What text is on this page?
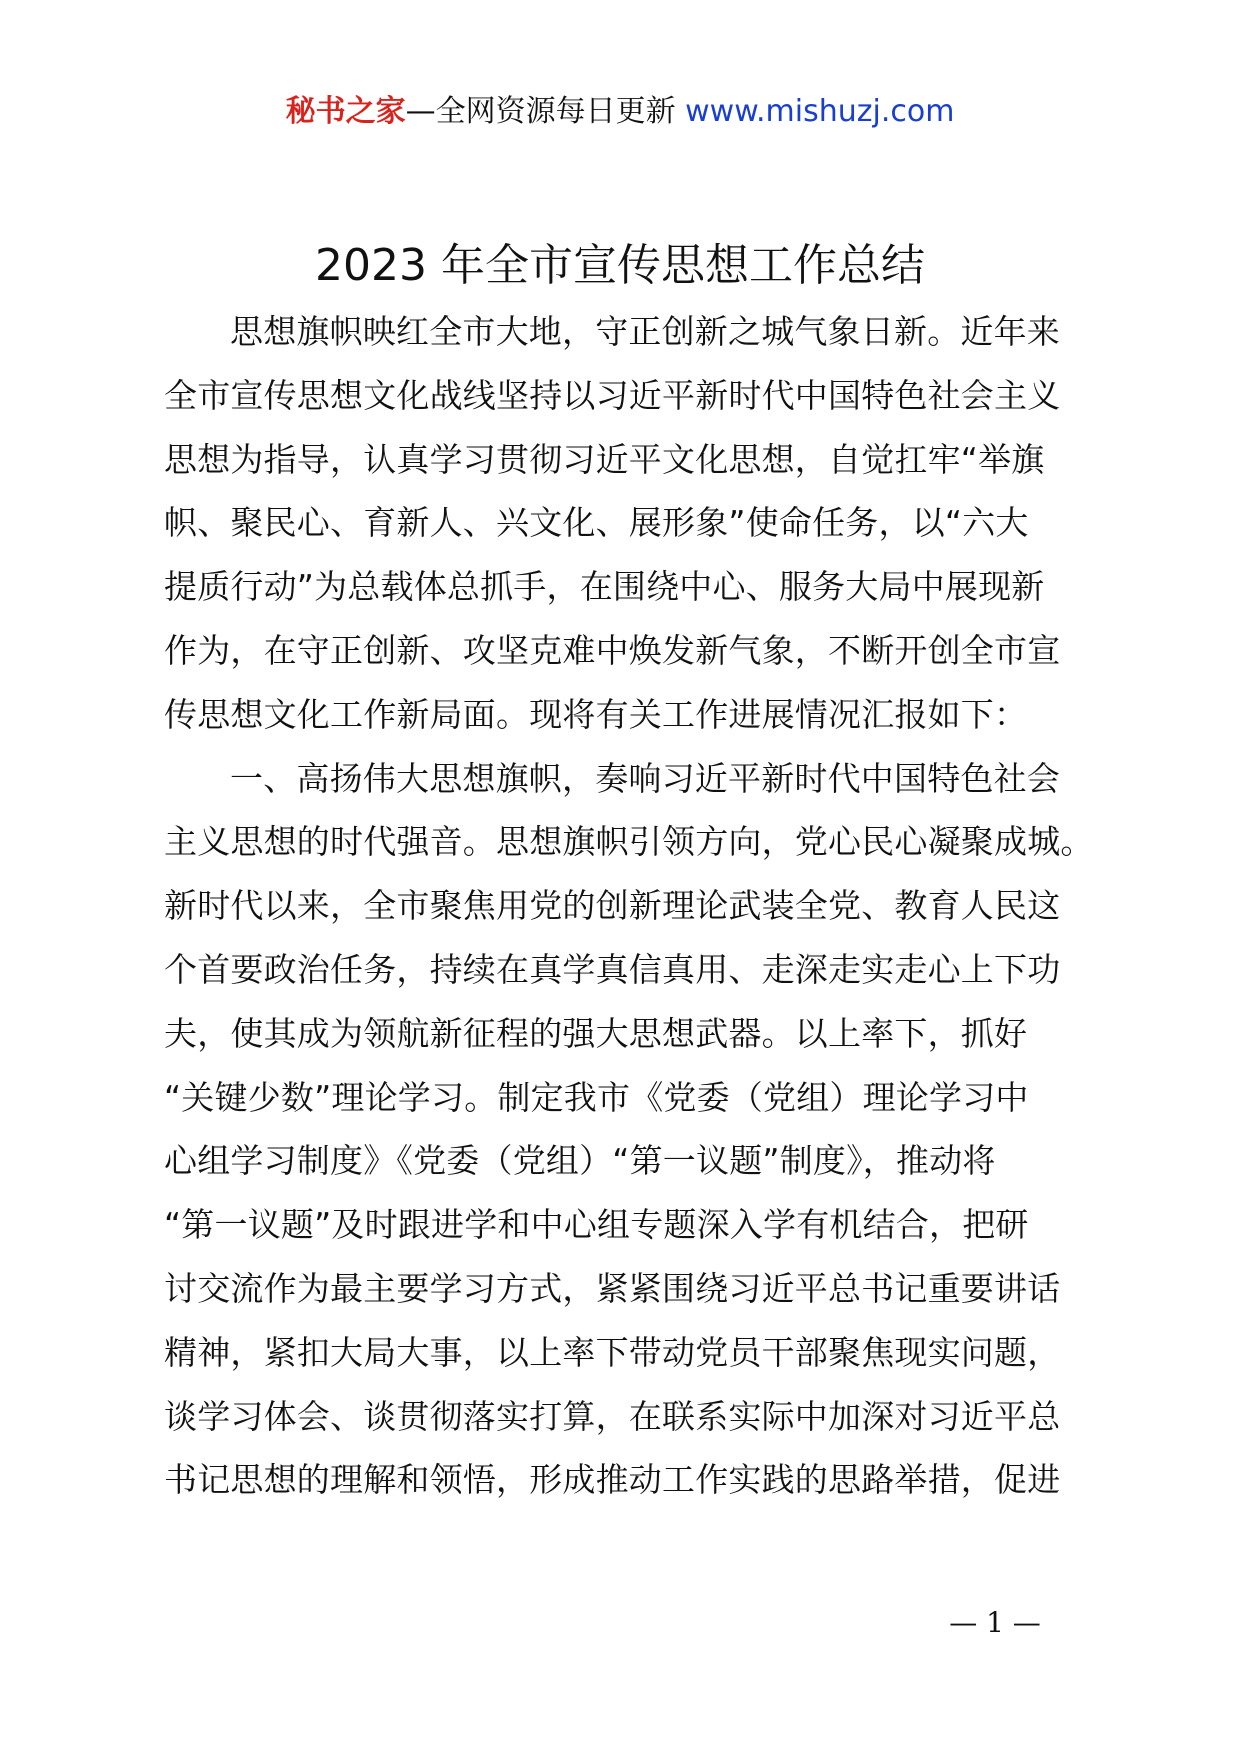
秘书之家—全网资源每日更新 www.mishuzj.com
2023 年全市宣传思想工作总结
思想旗帜映红全市大地，守正创新之城气象日新。近年来
全市宣传思想文化战线坚持以习近平新时代中国特色社会主义
思想为指导，认真学习贯彻习近平文化思想，自觉扛牢“举旗
帜、聚民心、育新人、兴文化、展形象”使命任务，以“六大
提质行动”为总载体总抓手，在围绕中心、服务大局中展现新
作为，在守正创新、攻坚克难中焕发新气象，不断开创全市宣
传思想文化工作新局面。现将有关工作进展情况汇报如下：
一、高扬伟大思想旗帜，奏响习近平新时代中国特色社会
主义思想的时代强音。思想旗帜引领方向，党心民心凝聚成城。
新时代以来，全市聚焦用党的创新理论武装全党、教育人民这
个首要政治任务，持续在真学真信真用、走深走实走心上下功
夫，使其成为领航新征程的强大思想武器。以上率下，抓好
“关键少数”理论学习。制定我市《党委（党组）理论学习中
心组学习制度》《党委（党组）“第一议题”制度》，推动将
“第一议题”及时跟进学和中心组专题深入学有机结合，把研
讨交流作为最主要学习方式，紧紧围绕习近平总书记重要讲话
精神，紧扣大局大事，以上率下带动党员干部聚焦现实问题，
谈学习体会、谈贯彻落实打算，在联系实际中加深对习近平总
书记思想的理解和领悟，形成推动工作实践的思路举措，促进
— 1 —
